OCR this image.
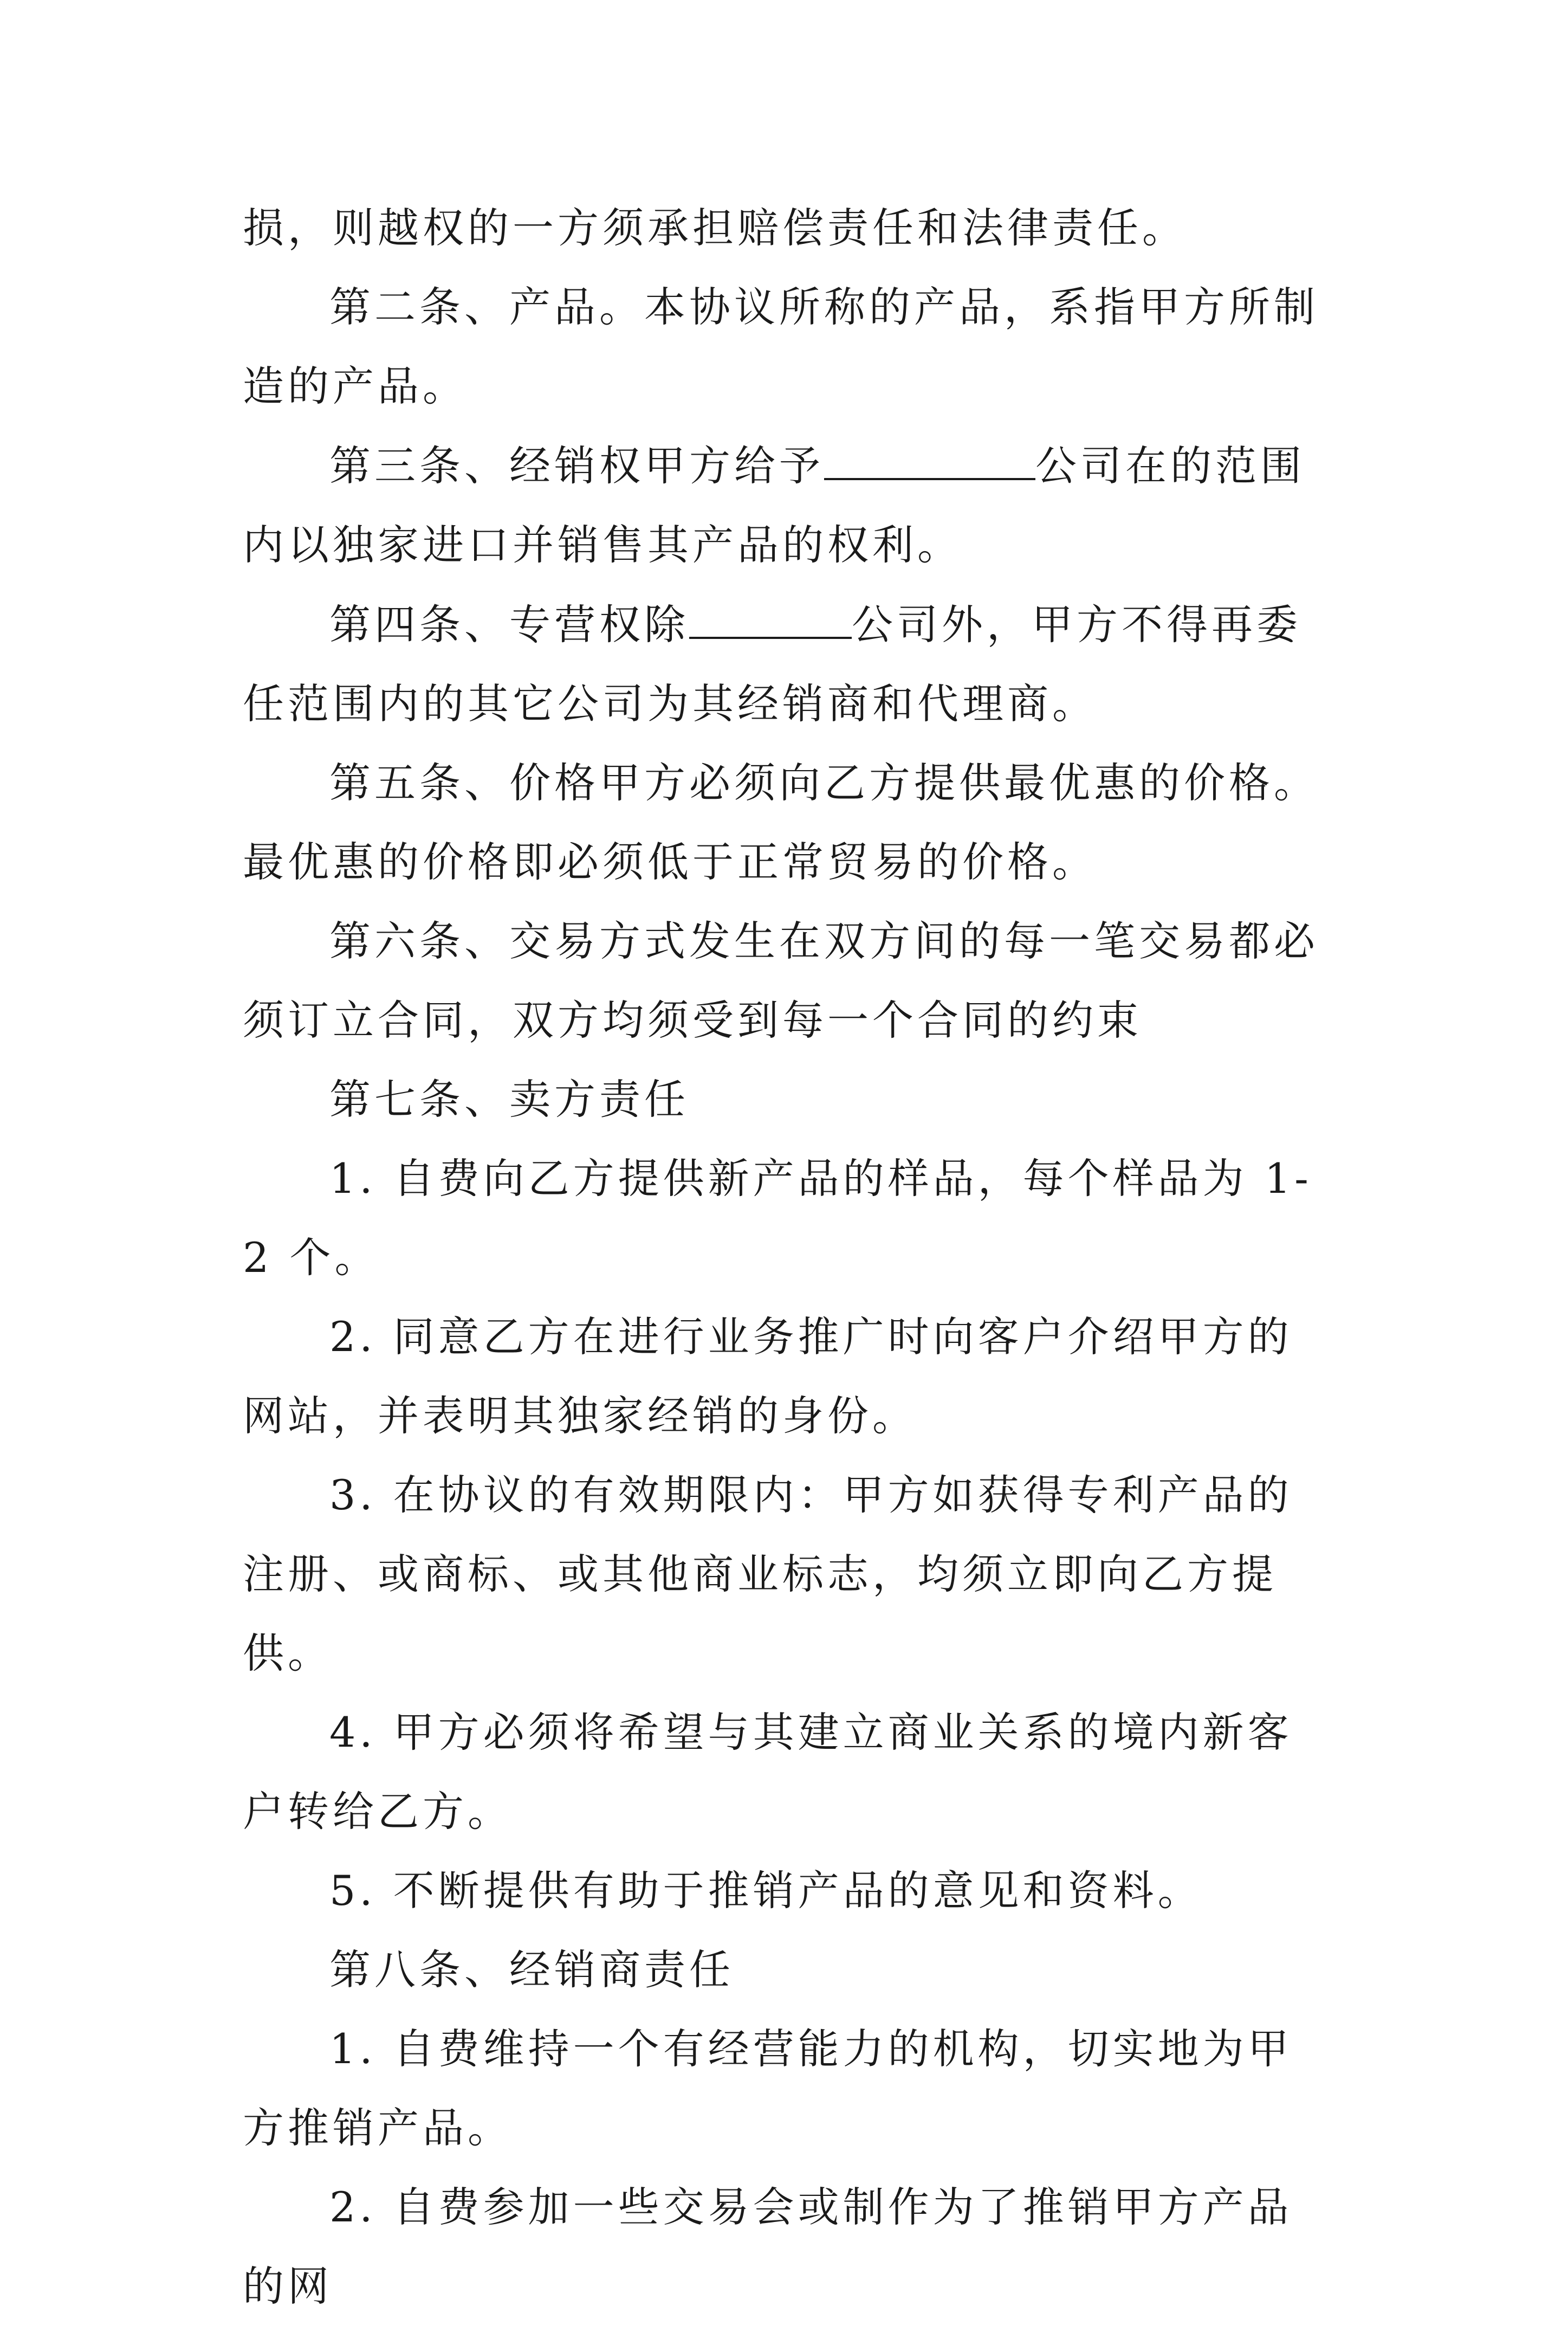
损，则越权的一方须承担赔偿责任和法律责任。

第二条、产品。本协议所称的产品，系指甲方所制造的产品。

第三条、经销权甲方给予	公司在的范围内以独家进口并销售其产品的权利。

第四条、专营权除	公司外，甲方不得再委任范围内的其它公司为其经销商和代理商。

第五条、价格甲方必须向乙方提供最优惠的价格。最优惠的价格即必须低于正常贸易的价格。

第六条、交易方式发生在双方间的每一笔交易都必须订立合同，双方均须受到每一个合同的约束

第七条、卖方责任

1. 自费向乙方提供新产品的样品，每个样品为 1-2 个。

2. 同意乙方在进行业务推广时向客户介绍甲方的网站，并表明其独家经销的身份。

3. 在协议的有效期限内：甲方如获得专利产品的注册、或商标、或其他商业标志，均须立即向乙方提供。

4. 甲方必须将希望与其建立商业关系的境内新客户转给乙方。

5. 不断提供有助于推销产品的意见和资料。

第八条、经销商责任

1. 自费维持一个有经营能力的机构，切实地为甲方推销产品。

2. 自费参加一些交易会或制作为了推销甲方产品的网
